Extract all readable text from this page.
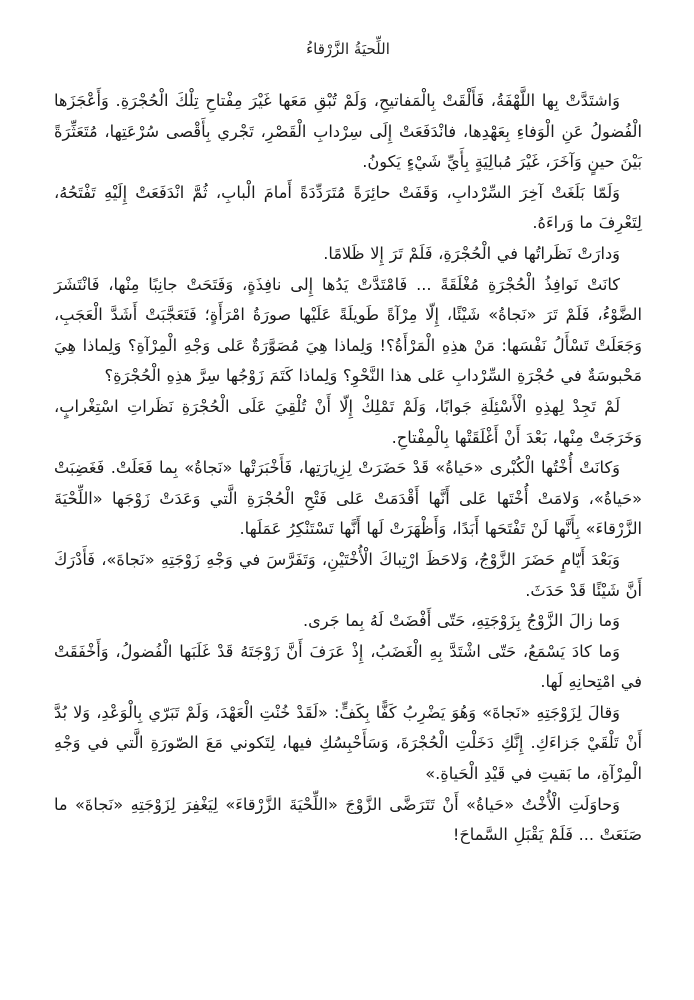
اللِّحيَةُ الزَّرْقاءُ

وَاشتَدَّتْ بِها اللَّهْفَةُ، فَأَلْقَتْ بِالْمَفاتيحِ، وَلَمْ تُبْقِ مَعَها غَيْرَ مِفْتاحِ تِلْكَ الْحُجْرَةِ. وَأَعْجَزَها الْفُضولُ عَنِ الْوَفاءِ بِعَهْدِها، فانْدَفَعَتْ إِلَى سِرْدابِ الْقَصْرِ، تَجْري بِأَقْصى سُرْعَتِها، مُتَعَثِّرَةً بَيْنَ حينٍ وَآخَرَ، غَيْرَ مُبالِيَةٍ بِأَيِّ شَيْءٍ يَكونُ.

وَلَمّا بَلَغَتْ آخِرَ السِّرْدابِ، وَقَفَتْ حائِرَةً مُتَرَدِّدَةً أَمامَ الْبابِ، ثُمَّ انْدَفَعَتْ إِلَيْهِ تَفْتَحُهُ، لِتَعْرِفَ ما وَراءَهُ.

وَدارَتْ نَظَراتُها في الْحُجْرَةِ، فَلَمْ تَرَ إِلا ظَلامًا.

كانَتْ نَوافِذُ الْحُجْرَةِ مُغْلَقَةً ... فَامْتَدَّتْ يَدُها إِلى نافِذَةٍ، وَفَتَحَتْ جانِبًا مِنْها، فَانْتَشَرَ الضَّوْءُ، فَلَمْ تَرَ «نَجاةُ» شَيْئًا، إِلّا مِرْآةً طَويلَةً عَلَيْها صورَةُ امْرَأَةٍ؛ فَتَعَجَّبَتْ أَشَدَّ الْعَجَبِ، وَجَعَلَتْ تَسْأَلُ نَفْسَها: مَنْ هذِهِ الْمَرْأَةُ؟! وَلِماذا هِيَ مُصَوَّرَةٌ عَلى وَجْهِ الْمِرْآةِ؟ وَلِماذا هِيَ مَحْبوسَةٌ في حُجْرَةِ السِّرْدابِ عَلى هذا النَّحْوِ؟ وَلِماذا كَتَمَ زَوْجُها سِرَّ هذِهِ الْحُجْرَةِ؟

لَمْ تَجِدْ لِهذِهِ الْأَسْئِلَةِ جَوابًا، وَلَمْ تَمْلِكْ إِلّا أَنْ تُلْقِيَ عَلَى الْحُجْرَةِ نَظَراتِ اسْتِغْرابٍ، وَخَرَجَتْ مِنْها، بَعْدَ أَنْ أَغْلَقَتْها بِالْمِفْتاحِ.

وَكانَتْ أُخْتُها الْكُبْرى «حَياةُ» قَدْ حَضَرَتْ لِزِيارَتِها، فَأَخْبَرَتْها «نَجاةُ» بِما فَعَلَتْ. فَغَضِبَتْ «حَياةُ»، وَلامَتْ أُخْتَها عَلى أَنَّها أَقْدَمَتْ عَلى فَتْحِ الْحُجْرَةِ الَّتي وَعَدَتْ زَوْجَها «اللِّحْيَةَ الزَّرْقاءَ» بِأَنَّها لَنْ تَفْتَحَها أَبَدًا، وَأَظْهَرَتْ لَها أَنَّها تَسْتَنْكِرُ عَمَلَها.

وَبَعْدَ أَيّامٍ حَضَرَ الزَّوْجُ، وَلاحَظَ ارْتِباكَ الْأُخْتَيْنِ، وَتَفَرَّسَ في وَجْهِ زَوْجَتِهِ «نَجاةَ»، فَأَدْرَكَ أَنَّ شَيْئًا قَدْ حَدَثَ.

وَما زالَ الزَّوْجُ بِزَوْجَتِهِ، حَتّى أَفْضَتْ لَهُ بِما جَرى.

وَما كادَ يَسْمَعُ، حَتّى اشْتَدَّ بِهِ الْغَضَبُ، إِذْ عَرَفَ أَنَّ زَوْجَتَهُ قَدْ غَلَبَها الْفُضولُ، وَأَخْفَقَتْ في امْتِحانِهِ لَها.

وَقالَ لِزَوْجَتِهِ «نَجاةَ» وَهُوَ يَضْرِبُ كَفًّا بِكَفٍّ: «لَقَدْ خُنْتِ الْعَهْدَ، وَلَمْ تَبَرّي بِالْوَعْدِ، وَلا بُدَّ أَنْ تَلْقَيْ جَزاءَكِ. إِنَّكِ دَخَلْتِ الْحُجْرَةَ، وَسَأَحْبِسُكِ فيها، لِتَكوني مَعَ الصّورَةِ الَّتي في وَجْهِ الْمِرْآةِ، ما بَقيتِ في قَيْدِ الْحَياةِ.»

وَحاوَلَتِ الْأُخْتُ «حَياةُ» أَنْ تَتَرَضَّى الزَّوْجَ «اللِّحْيَةَ الزَّرْقاءَ» لِيَغْفِرَ لِزَوْجَتِهِ «نَجاةَ» ما صَنَعَتْ ... فَلَمْ يَقْبَلِ السَّماحَ!
